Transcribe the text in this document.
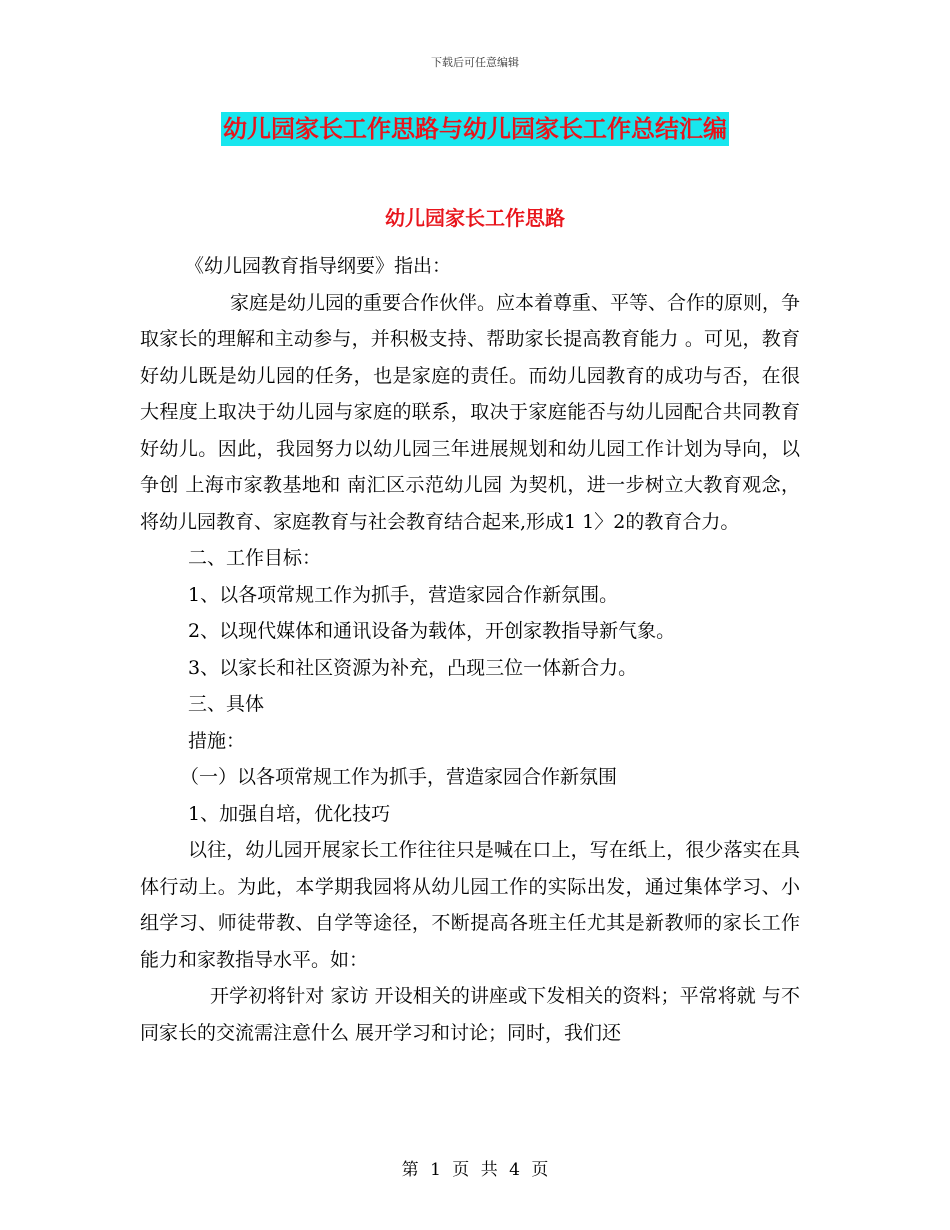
下载后可任意编辑
幼儿园家长工作思路与幼儿园家长工作总结汇编
幼儿园家长工作思路

《幼儿园教育指导纲要》指出：

家庭是幼儿园的重要合作伙伴。应本着尊重、平等、合作的原则，争取家长的理解和主动参与，并积极支持、帮助家长提高教育能力 。可见，教育好幼儿既是幼儿园的任务，也是家庭的责任。而幼儿园教育的成功与否，在很大程度上取决于幼儿园与家庭的联系，取决于家庭能否与幼儿园配合共同教育好幼儿。因此，我园努力以幼儿园三年进展规划和幼儿园工作计划为导向，以争创 上海市家教基地和 南汇区示范幼儿园 为契机，进一步树立大教育观念，将幼儿园教育、家庭教育与社会教育结合起来,形成1 1〉2的教育合力。

二、工作目标：

1、以各项常规工作为抓手，营造家园合作新氛围。

2、以现代媒体和通讯设备为载体，开创家教指导新气象。

3、以家长和社区资源为补充，凸现三位一体新合力。

三、具体

措施：

（一）以各项常规工作为抓手，营造家园合作新氛围

1、加强自培，优化技巧

以往，幼儿园开展家长工作往往只是喊在口上，写在纸上，很少落实在具体行动上。为此，本学期我园将从幼儿园工作的实际出发，通过集体学习、小组学习、师徒带教、自学等途径，不断提高各班主任尤其是新教师的家长工作能力和家教指导水平。如：

开学初将针对 家访 开设相关的讲座或下发相关的资料；平常将就 与不同家长的交流需注意什么 展开学习和讨论；同时，我们还

第 1 页 共 4 页
